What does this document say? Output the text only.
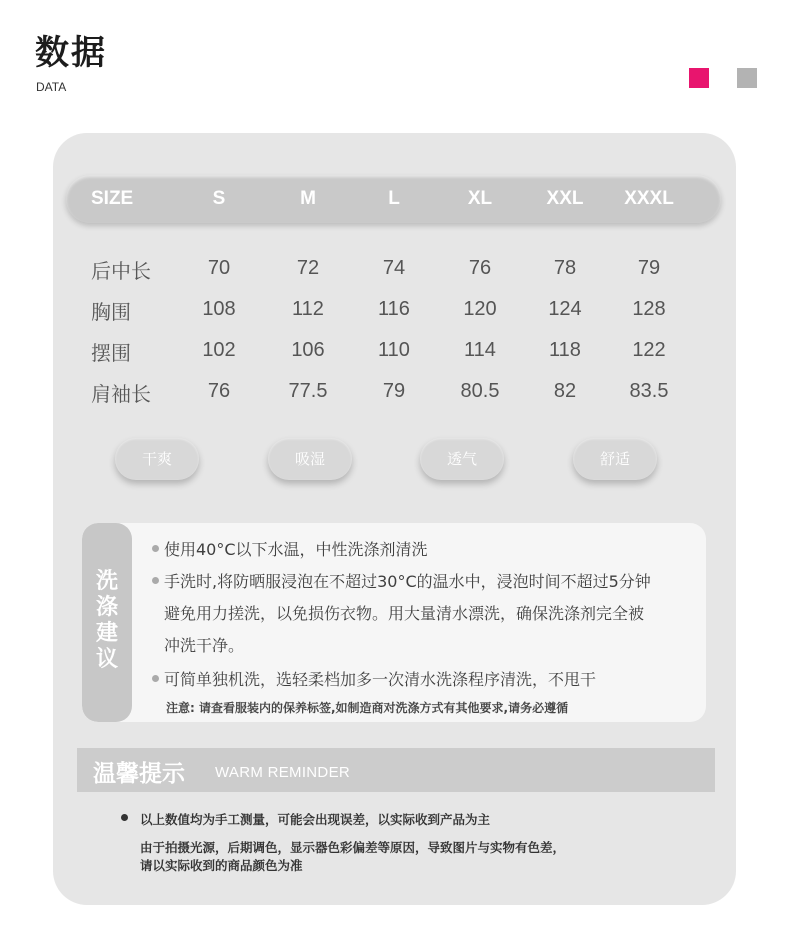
数据
DATA
SIZE	S	M	L	XL	XXL	XXXL
后中长	70	72	74	76	78	79
胸围	108	112	116	120	124	128
摆围	102	106	110	114	118	122
肩袖长	76	77.5	79	80.5	82	83.5
干爽	吸湿	透气	舒适
洗涤建议
使用40°C以下水温，中性洗涤剂清洗
手洗时,将防晒服浸泡在不超过30°C的温水中，浸泡时间不超过5分钟
避免用力搓洗，以免损伤衣物。用大量清水漂洗，确保洗涤剂完全被
冲洗干净。
可简单独机洗，选轻柔档加多一次清水洗涤程序清洗，不甩干
注意: 请查看服装内的保养标签,如制造商对洗涤方式有其他要求,请务必遵循
温馨提示 WARM REMINDER
以上数值均为手工测量，可能会出现误差，以实际收到产品为主
由于拍摄光源，后期调色，显示器色彩偏差等原因，导致图片与实物有色差，
请以实际收到的商品颜色为准
